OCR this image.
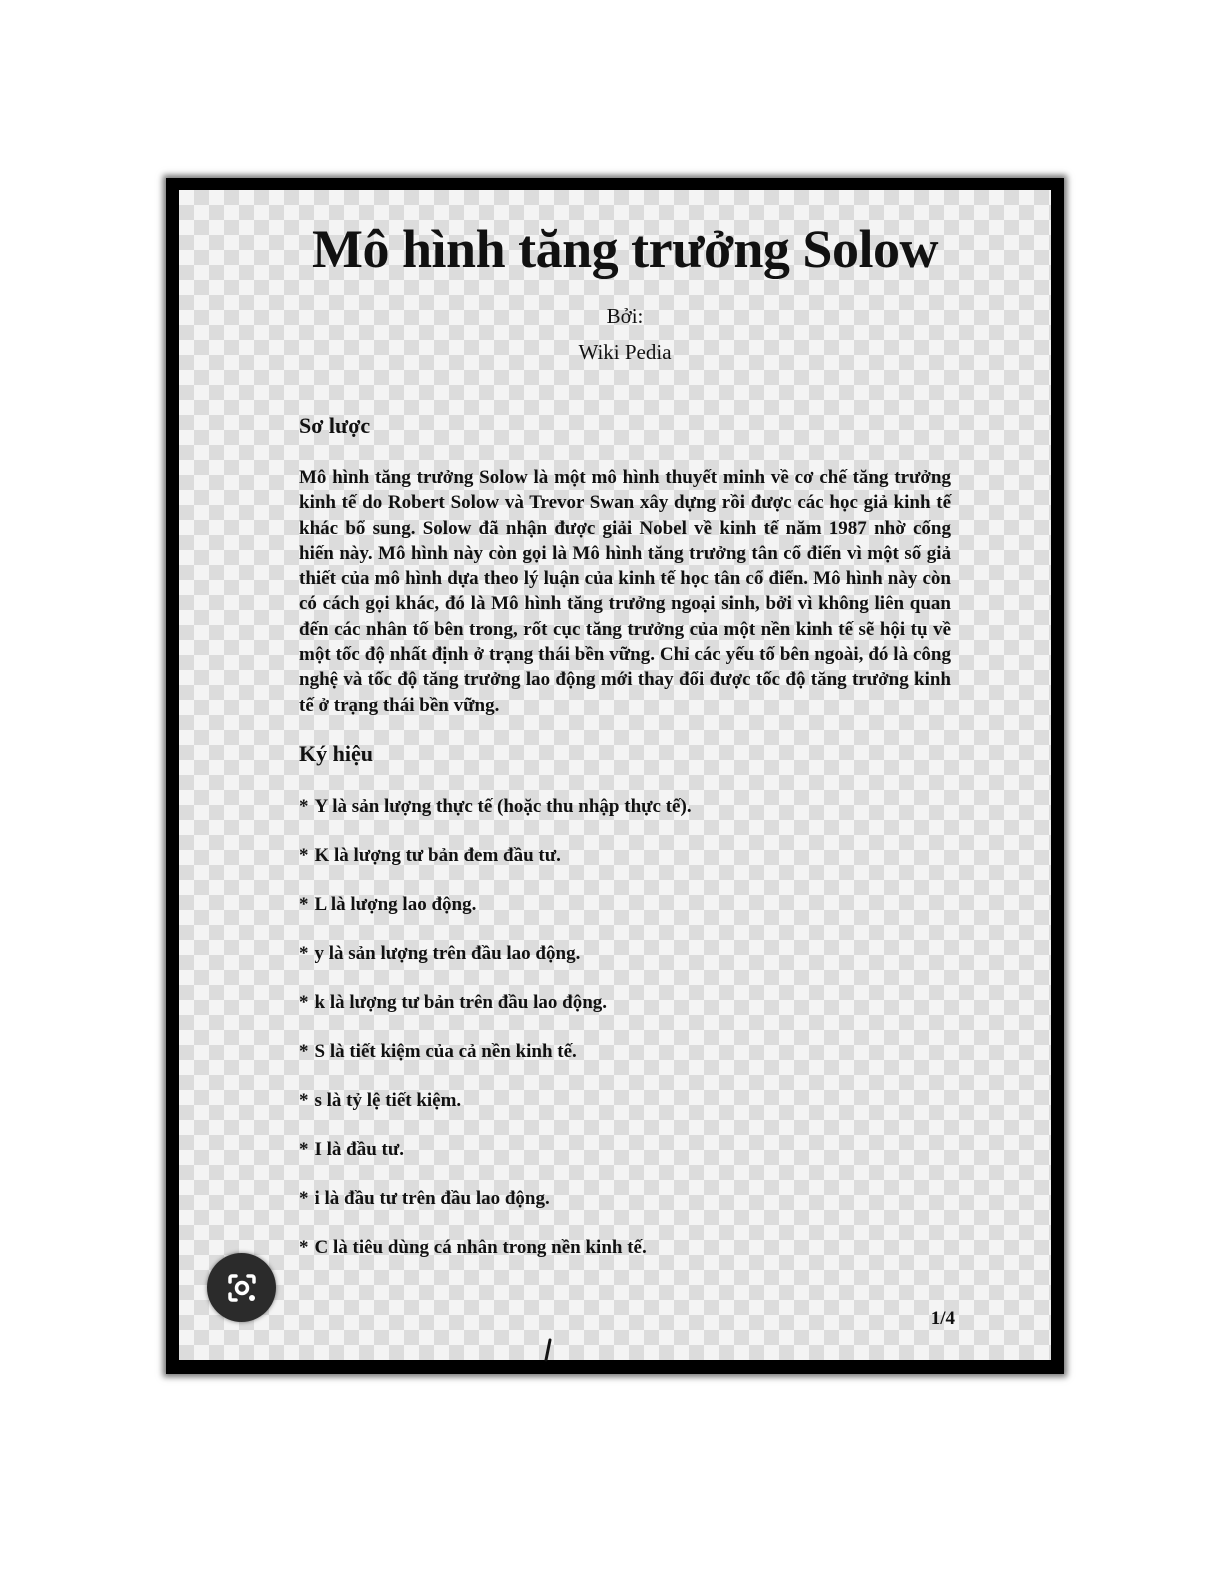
Mô hình tăng trưởng Solow
Bởi:
Wiki Pedia
Sơ lược

Mô hình tăng trưởng Solow là một mô hình thuyết minh về cơ chế tăng trưởng kinh tế do Robert Solow và Trevor Swan xây dựng rồi được các học giả kinh tế khác bổ sung. Solow đã nhận được giải Nobel về kinh tế năm 1987 nhờ cống hiến này. Mô hình này còn gọi là Mô hình tăng trưởng tân cổ điển vì một số giả thiết của mô hình dựa theo lý luận của kinh tế học tân cổ điển. Mô hình này còn có cách gọi khác, đó là Mô hình tăng trưởng ngoại sinh, bởi vì không liên quan đến các nhân tố bên trong, rốt cục tăng trưởng của một nền kinh tế sẽ hội tụ về một tốc độ nhất định ở trạng thái bền vững. Chỉ các yếu tố bên ngoài, đó là công nghệ và tốc độ tăng trưởng lao động mới thay đổi được tốc độ tăng trưởng kinh tế ở trạng thái bền vững.

Ký hiệu
* Y là sản lượng thực tế (hoặc thu nhập thực tế).
* K là lượng tư bản đem đầu tư.
* L là lượng lao động.
* y là sản lượng trên đầu lao động.
* k là lượng tư bản trên đầu lao động.
* S là tiết kiệm của cả nền kinh tế.
* s là tỷ lệ tiết kiệm.
* I là đầu tư.
* i là đầu tư trên đầu lao động.
* C là tiêu dùng cá nhân trong nền kinh tế.
1/4
